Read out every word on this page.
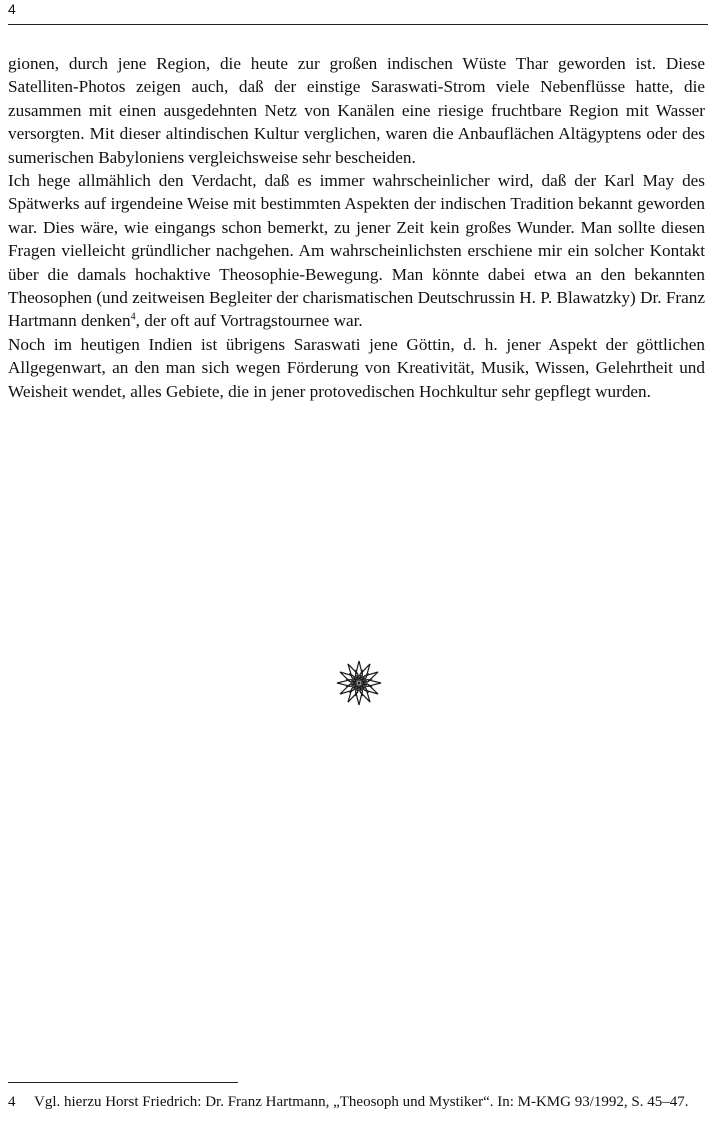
4

gionen, durch jene Region, die heute zur großen indischen Wüste Thar geworden ist. Diese Satelliten-Photos zeigen auch, daß der einstige Saraswati-Strom viele Nebenflüsse hatte, die zusammen mit einen ausgedehnten Netz von Kanälen eine riesige fruchtbare Region mit Wasser versorgten. Mit dieser altindischen Kultur verglichen, waren die Anbauflächen Altägyptens oder des sumerischen Babyloniens vergleichsweise sehr bescheiden.

Ich hege allmählich den Verdacht, daß es immer wahrscheinlicher wird, daß der Karl May des Spätwerks auf irgendeine Weise mit bestimmten Aspekten der indischen Tradition bekannt geworden war. Dies wäre, wie eingangs schon bemerkt, zu jener Zeit kein großes Wunder. Man sollte diesen Fragen vielleicht gründlicher nachgehen. Am wahrscheinlichsten erschiene mir ein solcher Kontakt über die damals hochaktive Theosophie-Bewegung. Man könnte dabei etwa an den bekannten Theosophen (und zeitweisen Begleiter der charismatischen Deutschrussin H. P. Blawatzky) Dr. Franz Hartmann denken$^4$, der oft auf Vortragstournee war.

Noch im heutigen Indien ist übrigens Saraswati jene Göttin, d. h. jener Aspekt der göttlichen Allgegenwart, an den man sich wegen Förderung von Kreativität, Musik, Wissen, Gelehrtheit und Weisheit wendet, alles Gebiete, die in jener protovedischen Hochkultur sehr gepflegt wurden.

4	Vgl. hierzu Horst Friedrich: Dr. Franz Hartmann, „Theosoph und Mystiker“. In: M-KMG 93/1992, S. 45–47.
